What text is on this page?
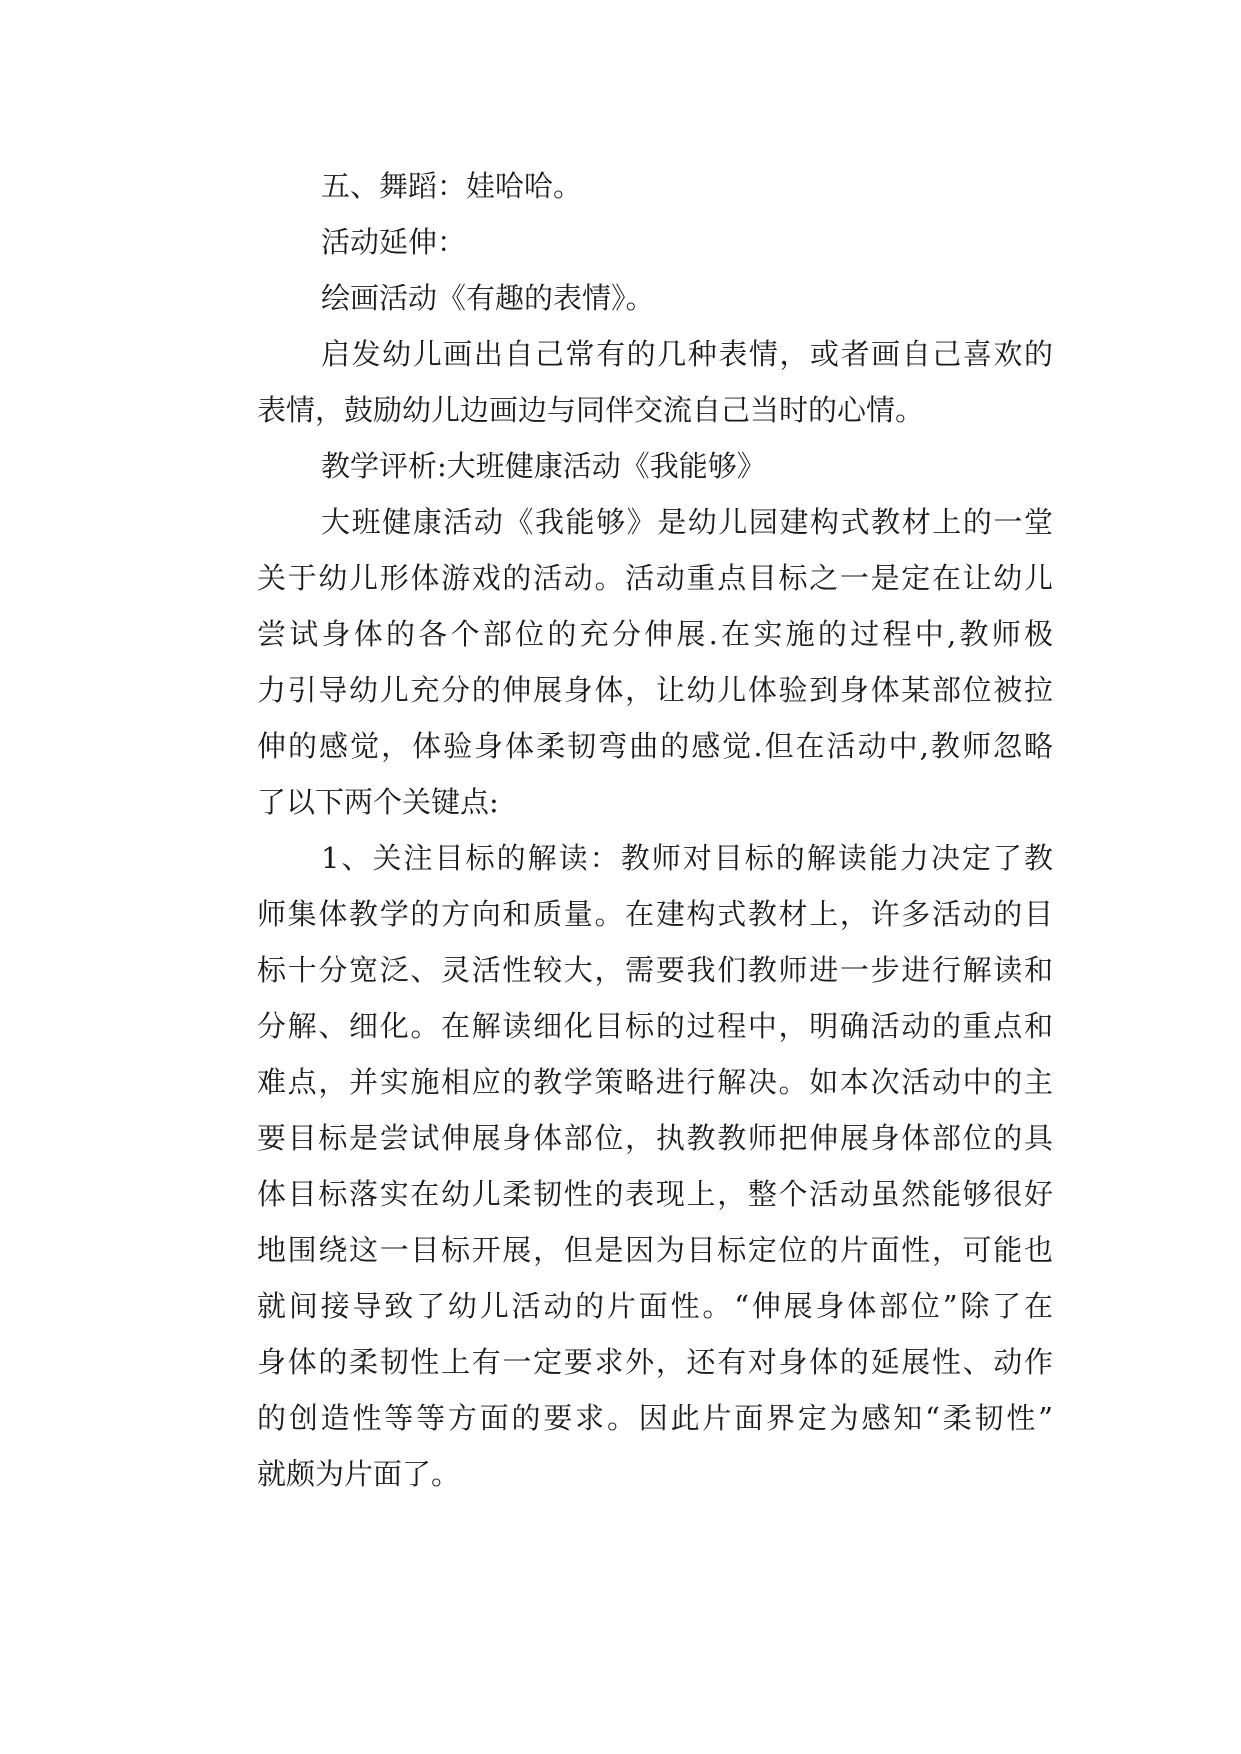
五、舞蹈：娃哈哈。
活动延伸：
绘画活动《有趣的表情》。
启发幼儿画出自己常有的几种表情，或者画自己喜欢的
表情，鼓励幼儿边画边与同伴交流自己当时的心情。
教学评析:大班健康活动《我能够》
大班健康活动《我能够》是幼儿园建构式教材上的一堂
关于幼儿形体游戏的活动。活动重点目标之一是定在让幼儿
尝试身体的各个部位的充分伸展.在实施的过程中,教师极
力引导幼儿充分的伸展身体，让幼儿体验到身体某部位被拉
伸的感觉，体验身体柔韧弯曲的感觉.但在活动中,教师忽略
了以下两个关键点:
1、关注目标的解读：教师对目标的解读能力决定了教
师集体教学的方向和质量。在建构式教材上，许多活动的目
标十分宽泛、灵活性较大，需要我们教师进一步进行解读和
分解、细化。在解读细化目标的过程中，明确活动的重点和
难点，并实施相应的教学策略进行解决。如本次活动中的主
要目标是尝试伸展身体部位，执教教师把伸展身体部位的具
体目标落实在幼儿柔韧性的表现上，整个活动虽然能够很好
地围绕这一目标开展，但是因为目标定位的片面性，可能也
就间接导致了幼儿活动的片面性。“伸展身体部位”除了在
身体的柔韧性上有一定要求外，还有对身体的延展性、动作
的创造性等等方面的要求。因此片面界定为感知“柔韧性”
就颇为片面了。
